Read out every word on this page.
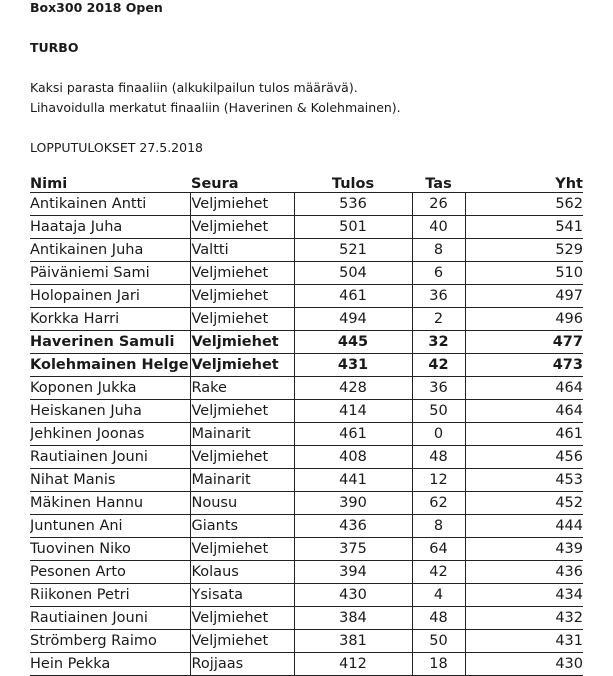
Box300 2018 Open
TURBO
Kaksi parasta finaaliin (alkukilpailun tulos määrävä).
Lihavoidulla merkatut finaaliin (Haverinen & Kolehmainen).
LOPPUTULOKSET 27.5.2018
Nimi	Seura	Tulos	Tas	Yht
Antikainen Antti	Veljmiehet	536	26	562
Haataja Juha	Veljmiehet	501	40	541
Antikainen Juha	Valtti	521	8	529
Päiväniemi Sami	Veljmiehet	504	6	510
Holopainen Jari	Veljmiehet	461	36	497
Korkka Harri	Veljmiehet	494	2	496
Haverinen Samuli	Veljmiehet	445	32	477
Kolehmainen Helge	Veljmiehet	431	42	473
Koponen Jukka	Rake	428	36	464
Heiskanen Juha	Veljmiehet	414	50	464
Jehkinen Joonas	Mainarit	461	0	461
Rautiainen Jouni	Veljmiehet	408	48	456
Nihat Manis	Mainarit	441	12	453
Mäkinen Hannu	Nousu	390	62	452
Juntunen Ani	Giants	436	8	444
Tuovinen Niko	Veljmiehet	375	64	439
Pesonen Arto	Kolaus	394	42	436
Riikonen Petri	Ysisata	430	4	434
Rautiainen Jouni	Veljmiehet	384	48	432
Strömberg Raimo	Veljmiehet	381	50	431
Hein Pekka	Rojjaas	412	18	430
